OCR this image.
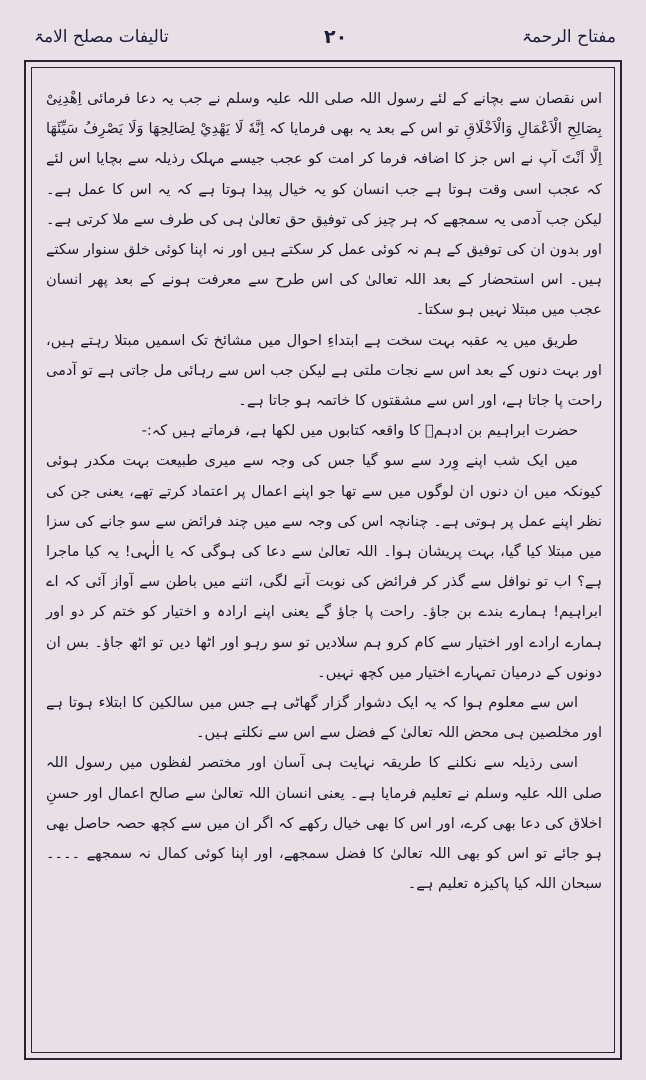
مفتاح الرحمۃ
۲۰
تالیفات مصلح الامۃ

اس نقصان سے بچانے کے لئے رسول اللہ صلی اللہ علیہ وسلم نے جب یہ دعا فرمائی اِهْدِنِیْ بِصَالِحِ الْاَعْمَالِ وَالْاَخْلَاقِ تو اس کے بعد یہ بھی فرمایا کہ اِنَّهٗ لَا يَهْدِيْ لِصَالِحِهَا وَلَا يَصْرِفُ سَيِّئَهَا اِلَّا اَنْتَ آپ نے اس جز کا اضافہ فرما کر امت کو عجب جیسے مہلک رذیلہ سے بچایا اس لئے کہ عجب اسی وقت ہوتا ہے جب انسان کو یہ خیال پیدا ہوتا ہے کہ یہ اس کا عمل ہے۔ لیکن جب آدمی یہ سمجھے کہ ہر چیز کی توفیق حق تعالیٰ ہی کی طرف سے ملا کرتی ہے۔ اور بدون ان کی توفیق کے ہم نہ کوئی عمل کر سکتے ہیں اور نہ اپنا کوئی خلق سنوار سکتے ہیں۔ اس استحضار کے بعد اللہ تعالیٰ کی اس طرح سے معرفت ہونے کے بعد پھر انسان عجب میں مبتلا نہیں ہو سکتا۔

طریق میں یہ عقبہ بہت سخت ہے ابتداءِ احوال میں مشائخ تک اسمیں مبتلا رہتے ہیں، اور بہت دنوں کے بعد اس سے نجات ملتی ہے لیکن جب اس سے رہائی مل جاتی ہے تو آدمی راحت پا جاتا ہے، اور اس سے مشقتوں کا خاتمہ ہو جاتا ہے۔

حضرت ابراہیم بن ادہمؒ کا واقعہ کتابوں میں لکھا ہے، فرماتے ہیں کہ:-

میں ایک شب اپنے وِرد سے سو گیا جس کی وجہ سے میری طبیعت بہت مکدر ہوئی کیونکہ میں ان دنوں ان لوگوں میں سے تھا جو اپنے اعمال پر اعتماد کرتے تھے، یعنی جن کی نظر اپنے عمل پر ہوتی ہے۔ چنانچہ اس کی وجہ سے میں چند فرائض سے سو جانے کی سزا میں مبتلا کیا گیا، بہت پریشان ہوا۔ اللہ تعالیٰ سے دعا کی ہوگی کہ یا الٰہی! یہ کیا ماجرا ہے؟ اب تو نوافل سے گذر کر فرائض کی نوبت آنے لگی، اتنے میں باطن سے آواز آئی کہ اے ابراہیم! ہمارے بندے بن جاؤ۔ راحت پا جاؤ گے یعنی اپنے ارادہ و اختیار کو ختم کر دو اور ہمارے ارادے اور اختیار سے کام کرو ہم سلادیں تو سو رہو اور اٹھا دیں تو اٹھ جاؤ۔ بس ان دونوں کے درمیان تمہارے اختیار میں کچھ نہیں۔

اس سے معلوم ہوا کہ یہ ایک دشوار گزار گھاٹی ہے جس میں سالکین کا ابتلاء ہوتا ہے اور مخلصین ہی محض اللہ تعالیٰ کے فضل سے اس سے نکلتے ہیں۔

اسی رذیلہ سے نکلنے کا طریقہ نہایت ہی آسان اور مختصر لفظوں میں رسول اللہ صلی اللہ علیہ وسلم نے تعلیم فرمایا ہے۔ یعنی انسان اللہ تعالیٰ سے صالح اعمال اور حسنِ اخلاق کی دعا بھی کرے، اور اس کا بھی خیال رکھے کہ اگر ان میں سے کچھ حصہ حاصل بھی ہو جائے تو اس کو بھی اللہ تعالیٰ کا فضل سمجھے، اور اپنا کوئی کمال نہ سمجھے ۔۔۔۔ سبحان اللہ کیا پاکیزہ تعلیم ہے۔
